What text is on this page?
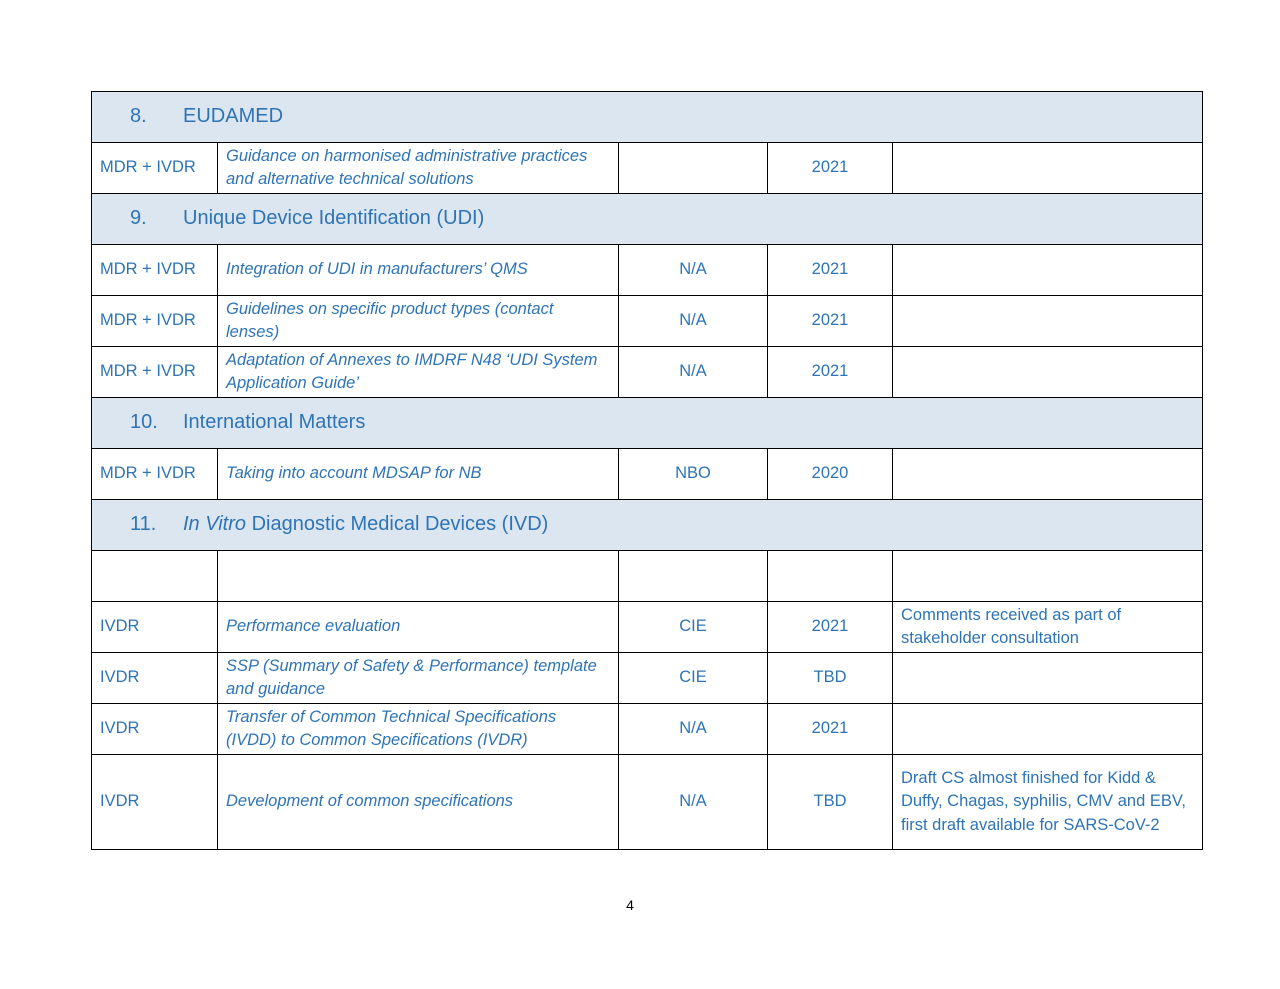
8. EUDAMED				
MDR + IVDR	Guidance on harmonised administrative practices and alternative technical solutions		2021	
9. Unique Device Identification (UDI)				
MDR + IVDR	Integration of UDI in manufacturers’ QMS	N/A	2021	
MDR + IVDR	Guidelines on specific product types (contact lenses)	N/A	2021	
MDR + IVDR	Adaptation of Annexes to IMDRF N48 ‘UDI System Application Guide’	N/A	2021	
10. International Matters				
MDR + IVDR	Taking into account MDSAP for NB	NBO	2020	
11. In Vitro Diagnostic Medical Devices (IVD)				

IVDR	Performance evaluation	CIE	2021	Comments received as part of stakeholder consultation
IVDR	SSP (Summary of Safety & Performance) template and guidance	CIE	TBD	
IVDR	Transfer of Common Technical Specifications (IVDD) to Common Specifications (IVDR)	N/A	2021	
IVDR	Development of common specifications	N/A	TBD	Draft CS almost finished for Kidd & Duffy, Chagas, syphilis, CMV and EBV, first draft available for SARS-CoV-2
4
